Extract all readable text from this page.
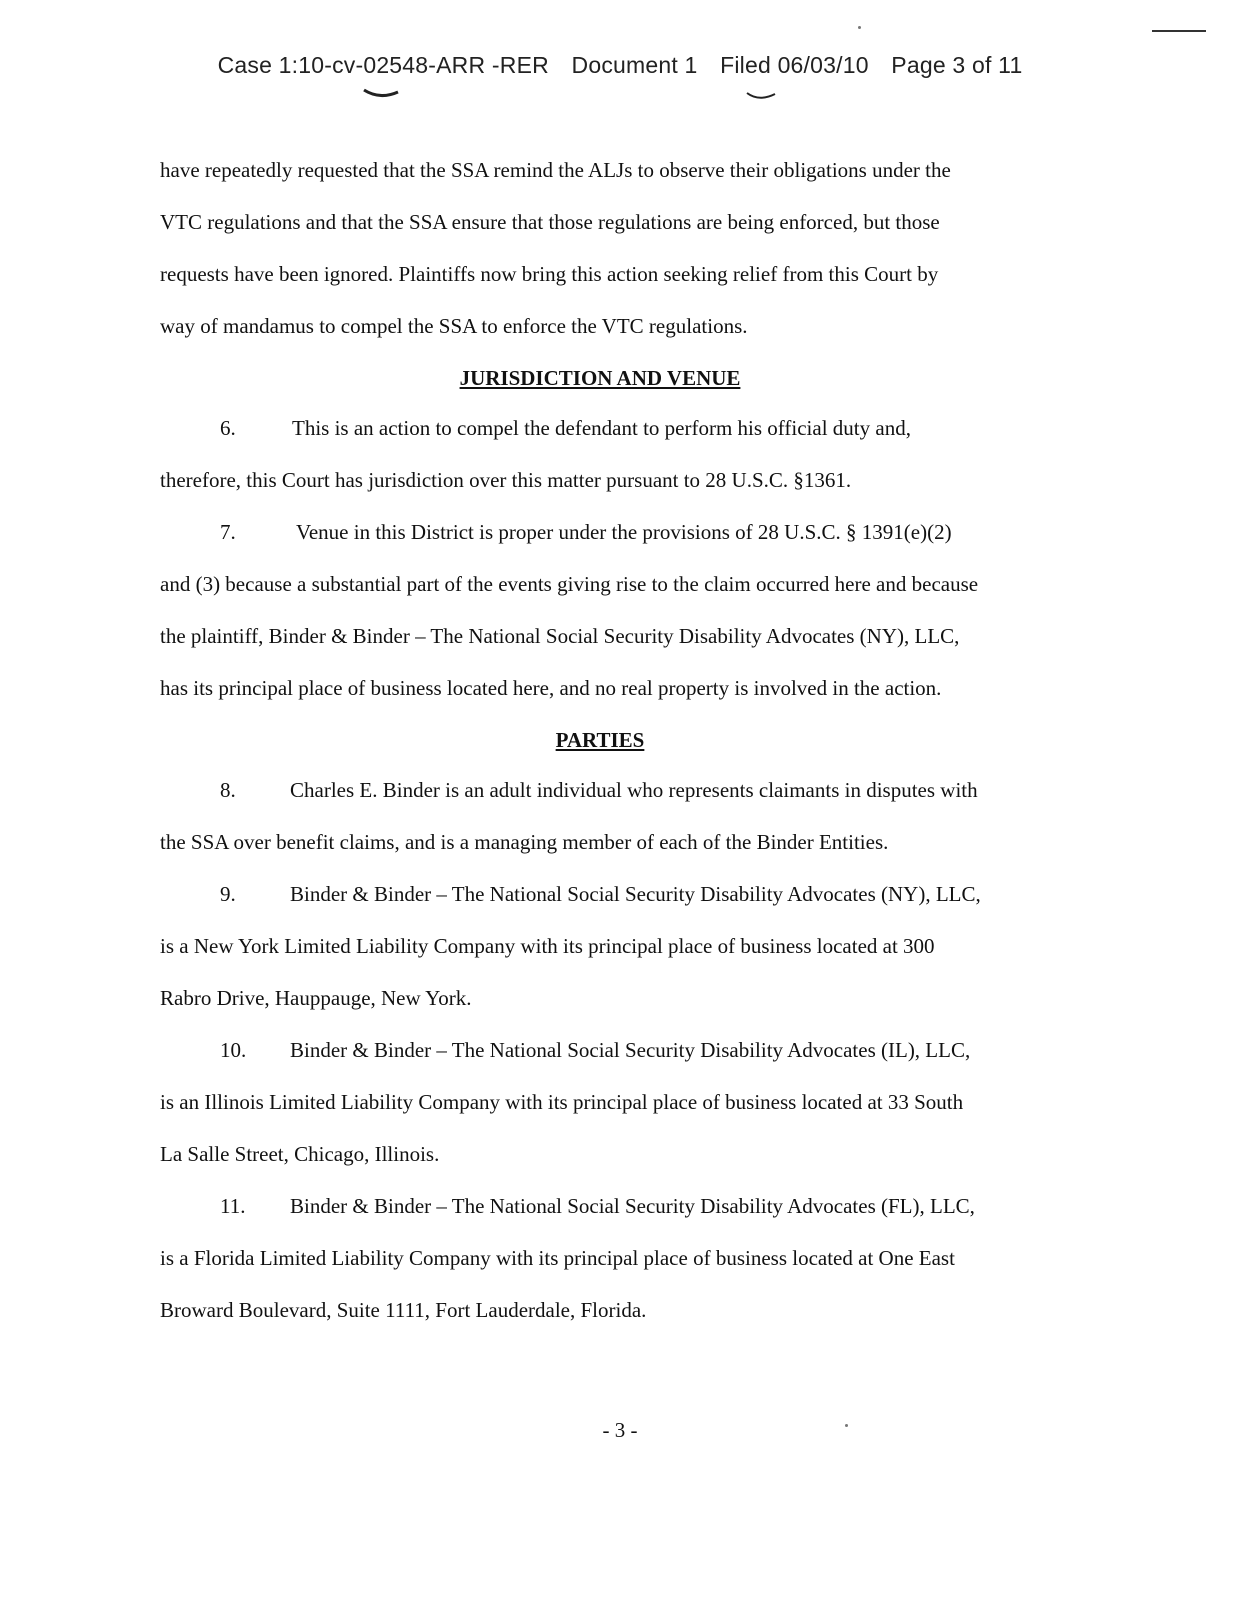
Case 1:10-cv-02548-ARR -RER Document 1 Filed 06/03/10 Page 3 of 11
have repeatedly requested that the SSA remind the ALJs to observe their obligations under the
VTC regulations and that the SSA ensure that those regulations are being enforced, but those
requests have been ignored. Plaintiffs now bring this action seeking relief from this Court by
way of mandamus to compel the SSA to enforce the VTC regulations.
JURISDICTION AND VENUE
6.	This is an action to compel the defendant to perform his official duty and,
therefore, this Court has jurisdiction over this matter pursuant to 28 U.S.C. §1361.
7.	Venue in this District is proper under the provisions of 28 U.S.C. § 1391(e)(2)
and (3) because a substantial part of the events giving rise to the claim occurred here and because
the plaintiff, Binder & Binder – The National Social Security Disability Advocates (NY), LLC,
has its principal place of business located here, and no real property is involved in the action.
PARTIES
8.	Charles E. Binder is an adult individual who represents claimants in disputes with
the SSA over benefit claims, and is a managing member of each of the Binder Entities.
9.	Binder & Binder – The National Social Security Disability Advocates (NY), LLC,
is a New York Limited Liability Company with its principal place of business located at 300
Rabro Drive, Hauppauge, New York.
10. Binder & Binder – The National Social Security Disability Advocates (IL), LLC,
is an Illinois Limited Liability Company with its principal place of business located at 33 South
La Salle Street, Chicago, Illinois.
11. Binder & Binder – The National Social Security Disability Advocates (FL), LLC,
is a Florida Limited Liability Company with its principal place of business located at One East
Broward Boulevard, Suite 1111, Fort Lauderdale, Florida.
- 3 -
